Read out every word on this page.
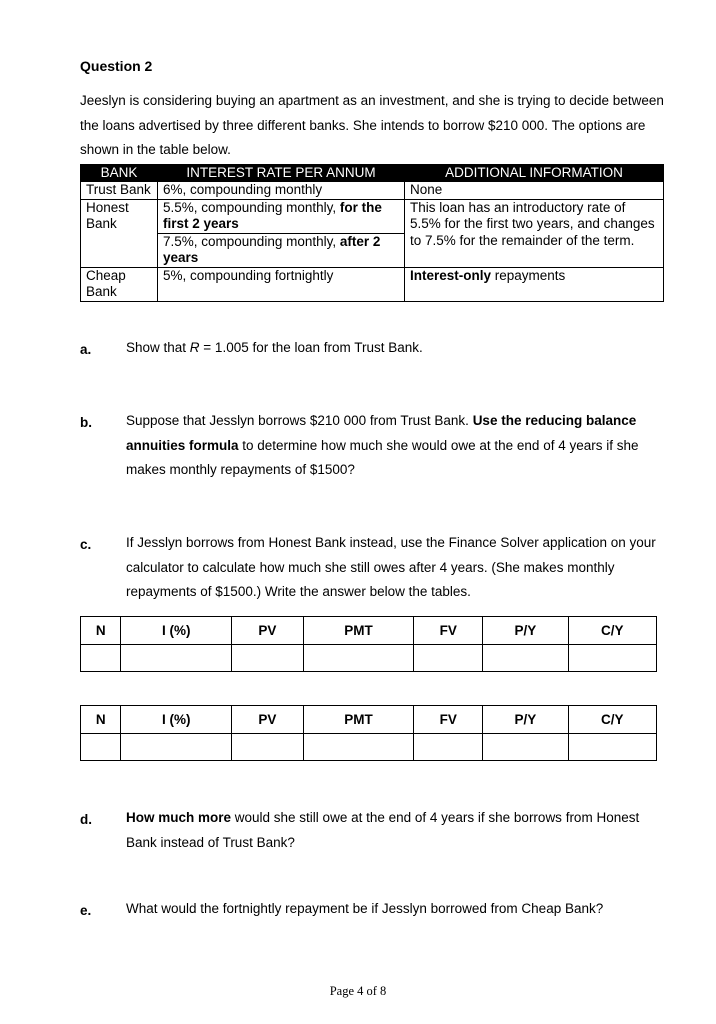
Question 2
Jeeslyn is considering buying an apartment as an investment, and she is trying to decide between the loans advertised by three different banks. She intends to borrow $210 000. The options are shown in the table below.
BANK	INTEREST RATE PER ANNUM	ADDITIONAL INFORMATION
Trust Bank	6%, compounding monthly	None
Honest Bank	5.5%, compounding monthly, for the first 2 years	This loan has an introductory rate of 5.5% for the first two years, and changes to 7.5% for the remainder of the term.
	7.5%, compounding monthly, after 2 years	
Cheap Bank	5%, compounding fortnightly	Interest-only repayments
a.	Show that R = 1.005 for the loan from Trust Bank.
b.	Suppose that Jesslyn borrows $210 000 from Trust Bank. Use the reducing balance annuities formula to determine how much she would owe at the end of 4 years if she makes monthly repayments of $1500?
c.	If Jesslyn borrows from Honest Bank instead, use the Finance Solver application on your calculator to calculate how much she still owes after 4 years. (She makes monthly repayments of $1500.) Write the answer below the tables.
N	I (%)	PV	PMT	FV	P/Y	C/Y

N	I (%)	PV	PMT	FV	P/Y	C/Y

d.	How much more would she still owe at the end of 4 years if she borrows from Honest Bank instead of Trust Bank?
e.	What would the fortnightly repayment be if Jesslyn borrowed from Cheap Bank?
Page 4 of 8
